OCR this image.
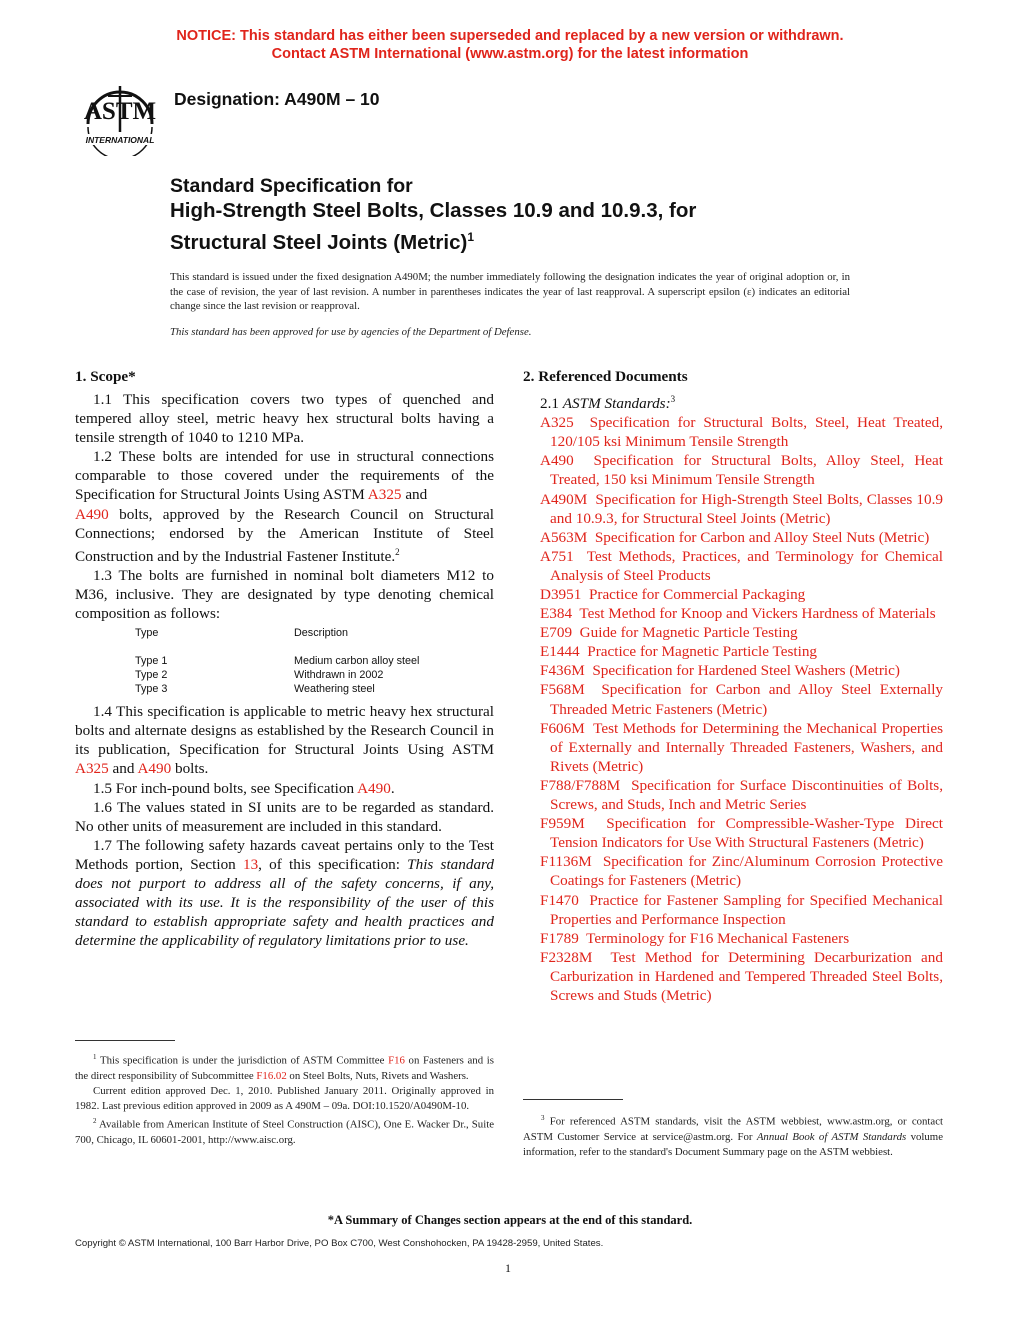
NOTICE: This standard has either been superseded and replaced by a new version or withdrawn.
Contact ASTM International (www.astm.org) for the latest information
ASTM
INTERNATIONAL
Designation: A490M – 10
Standard Specification for
High-Strength Steel Bolts, Classes 10.9 and 10.9.3, for
Structural Steel Joints (Metric)$^1$
This standard is issued under the fixed designation A490M; the number immediately following the designation indicates the year of original adoption or, in the case of revision, the year of last revision. A number in parentheses indicates the year of last reapproval. A superscript epsilon (ε) indicates an editorial change since the last revision or reapproval.
This standard has been approved for use by agencies of the Department of Defense.
1. Scope*

1.1 This specification covers two types of quenched and tempered alloy steel, metric heavy hex structural bolts having a tensile strength of 1040 to 1210 MPa.

1.2 These bolts are intended for use in structural connections comparable to those covered under the requirements of the Specification for Structural Joints Using ASTM A325 and
A490 bolts, approved by the Research Council on Structural Connections; endorsed by the American Institute of Steel Construction and by the Industrial Fastener Institute.$^2$

1.3 The bolts are furnished in nominal bolt diameters M12 to M36, inclusive. They are designated by type denoting chemical composition as follows:

Type	Description
Type 1	Medium carbon alloy steel
Type 2	Withdrawn in 2002
Type 3	Weathering steel

1.4 This specification is applicable to metric heavy hex structural bolts and alternate designs as established by the Research Council in its publication, Specification for Structural Joints Using ASTM A325 and A490 bolts.

1.5 For inch-pound bolts, see Specification A490.

1.6 The values stated in SI units are to be regarded as standard. No other units of measurement are included in this standard.

1.7 The following safety hazards caveat pertains only to the Test Methods portion, Section 13, of this specification: This standard does not purport to address all of the safety concerns, if any, associated with its use. It is the responsibility of the user of this standard to establish appropriate safety and health practices and determine the applicability of regulatory limitations prior to use.

2. Referenced Documents
2.1 ASTM Standards:$^3$
A325 Specification for Structural Bolts, Steel, Heat Treated, 120/105 ksi Minimum Tensile Strength
A490 Specification for Structural Bolts, Alloy Steel, Heat Treated, 150 ksi Minimum Tensile Strength
A490M Specification for High-Strength Steel Bolts, Classes 10.9 and 10.9.3, for Structural Steel Joints (Metric)
A563M Specification for Carbon and Alloy Steel Nuts (Metric)
A751 Test Methods, Practices, and Terminology for Chemical Analysis of Steel Products
D3951 Practice for Commercial Packaging
E384 Test Method for Knoop and Vickers Hardness of Materials
E709 Guide for Magnetic Particle Testing
E1444 Practice for Magnetic Particle Testing
F436M Specification for Hardened Steel Washers (Metric)
F568M Specification for Carbon and Alloy Steel Externally Threaded Metric Fasteners (Metric)
F606M Test Methods for Determining the Mechanical Properties of Externally and Internally Threaded Fasteners, Washers, and Rivets (Metric)
F788/F788M Specification for Surface Discontinuities of Bolts, Screws, and Studs, Inch and Metric Series
F959M Specification for Compressible-Washer-Type Direct Tension Indicators for Use With Structural Fasteners (Metric)
F1136M Specification for Zinc/Aluminum Corrosion Protective Coatings for Fasteners (Metric)
F1470 Practice for Fastener Sampling for Specified Mechanical Properties and Performance Inspection
F1789 Terminology for F16 Mechanical Fasteners
F2328M Test Method for Determining Decarburization and Carburization in Hardened and Tempered Threaded Steel Bolts, Screws and Studs (Metric)

$^1$ This specification is under the jurisdiction of ASTM Committee F16 on Fasteners and is the direct responsibility of Subcommittee F16.02 on Steel Bolts, Nuts, Rivets and Washers.

Current edition approved Dec. 1, 2010. Published January 2011. Originally approved in 1982. Last previous edition approved in 2009 as A 490M – 09a. DOI:10.1520/A0490M-10.

$^2$ Available from American Institute of Steel Construction (AISC), One E. Wacker Dr., Suite 700, Chicago, IL 60601-2001, http://www.aisc.org.

$^3$ For referenced ASTM standards, visit the ASTM webbiest, www.astm.org, or contact ASTM Customer Service at service@astm.org. For Annual Book of ASTM Standards volume information, refer to the standard's Document Summary page on the ASTM webbiest.

*A Summary of Changes section appears at the end of this standard.
Copyright © ASTM International, 100 Barr Harbor Drive, PO Box C700, West Conshohocken, PA 19428-2959, United States.
1
